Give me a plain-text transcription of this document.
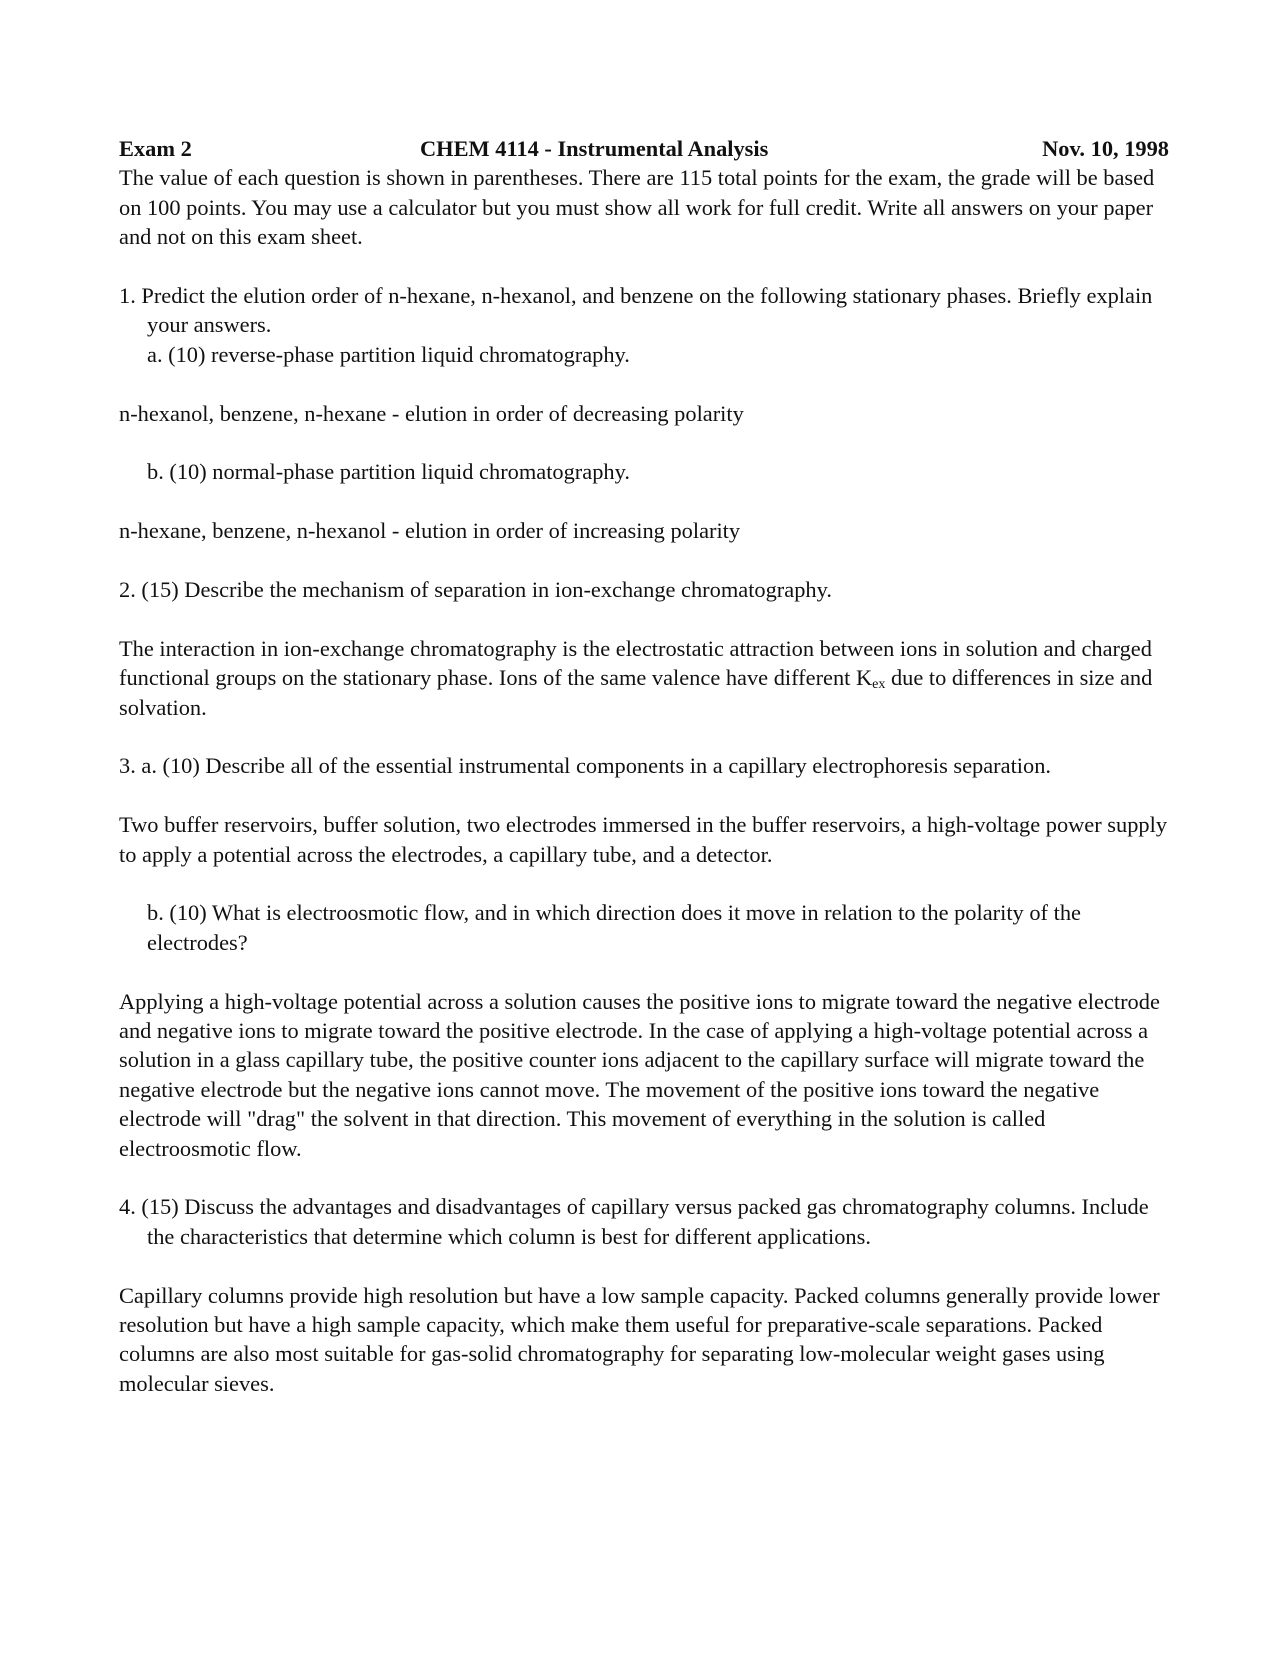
Exam 2	CHEM 4114 - Instrumental Analysis	Nov. 10, 1998

The value of each question is shown in parentheses. There are 115 total points for the exam, the grade will be based on 100 points. You may use a calculator but you must show all work for full credit. Write all answers on your paper and not on this exam sheet.

1. Predict the elution order of n-hexane, n-hexanol, and benzene on the following stationary phases. Briefly explain your answers.

a. (10) reverse-phase partition liquid chromatography.

n-hexanol, benzene, n-hexane - elution in order of decreasing polarity

b. (10) normal-phase partition liquid chromatography.

n-hexane, benzene, n-hexanol - elution in order of increasing polarity

2. (15) Describe the mechanism of separation in ion-exchange chromatography.

The interaction in ion-exchange chromatography is the electrostatic attraction between ions in solution and charged functional groups on the stationary phase. Ions of the same valence have different $K_{ex}$ due to differences in size and solvation.

3. a. (10) Describe all of the essential instrumental components in a capillary electrophoresis separation.

Two buffer reservoirs, buffer solution, two electrodes immersed in the buffer reservoirs, a high-voltage power supply to apply a potential across the electrodes, a capillary tube, and a detector.

b. (10) What is electroosmotic flow, and in which direction does it move in relation to the polarity of the electrodes?

Applying a high-voltage potential across a solution causes the positive ions to migrate toward the negative electrode and negative ions to migrate toward the positive electrode. In the case of applying a high-voltage potential across a solution in a glass capillary tube, the positive counter ions adjacent to the capillary surface will migrate toward the negative electrode but the negative ions cannot move. The movement of the positive ions toward the negative electrode will "drag" the solvent in that direction. This movement of everything in the solution is called electroosmotic flow.

4. (15) Discuss the advantages and disadvantages of capillary versus packed gas chromatography columns. Include the characteristics that determine which column is best for different applications.

Capillary columns provide high resolution but have a low sample capacity. Packed columns generally provide lower resolution but have a high sample capacity, which make them useful for preparative-scale separations. Packed columns are also most suitable for gas-solid chromatography for separating low-molecular weight gases using molecular sieves.
